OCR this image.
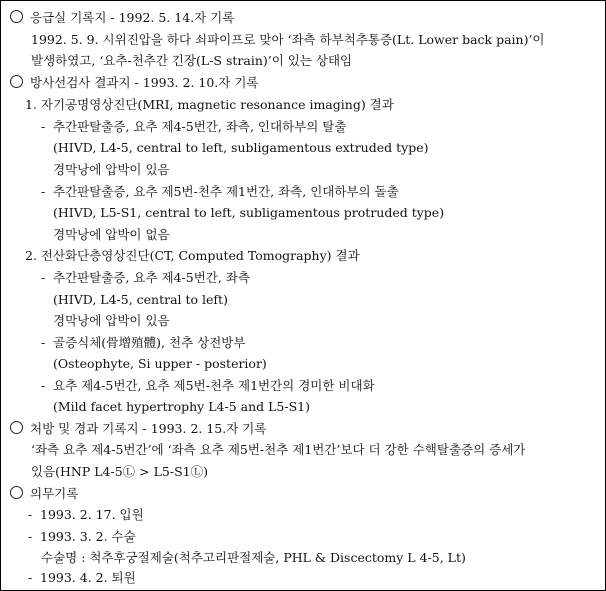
응급실 기록지 - 1992. 5. 14.자 기록
1992. 5. 9. 시위진압을 하다 쇠파이프로 맞아 ‘좌측 하부척추통증(Lt. Lower back pain)’이
발생하였고, ‘요추-천추간 긴장(L-S strain)’이 있는 상태임
방사선검사 결과지 - 1993. 2. 10.자 기록
1. 자기공명영상진단(MRI, magnetic resonance imaging) 결과
- 추간판탈출증, 요추 제4-5번간, 좌측, 인대하부의 탈출
(HIVD, L4-5, central to left, subligamentous extruded type)
경막낭에 압박이 있음
- 추간판탈출증, 요추 제5번-천추 제1번간, 좌측, 인대하부의 돌출
(HIVD, L5-S1, central to left, subligamentous protruded type)
경막낭에 압박이 없음
2. 전산화단층영상진단(CT, Computed Tomography) 결과
- 추간판탈출증, 요추 제4-5번간, 좌측
(HIVD, L4-5, central to left)
경막낭에 압박이 있음
- 골증식체(骨增殖體), 천추 상전방부
(Osteophyte, Si upper - posterior)
- 요추 제4-5번간, 요추 제5번-천추 제1번간의 경미한 비대화
(Mild facet hypertrophy L4-5 and L5-S1)
처방 및 경과 기록지 - 1993. 2. 15.자 기록
‘좌측 요추 제4-5번간’에 ‘좌측 요추 제5번-천추 제1번간’보다 더 강한 수핵탈출증의 증세가
있음(HNP L4-5Ⓛ > L5-S1Ⓛ)
의무기록
- 1993. 2. 17. 입원
- 1993. 3. 2. 수술
수술명 : 척추후궁절제술(척추고리판절제술, PHL & Discectomy L 4-5, Lt)
- 1993. 4. 2. 퇴원
